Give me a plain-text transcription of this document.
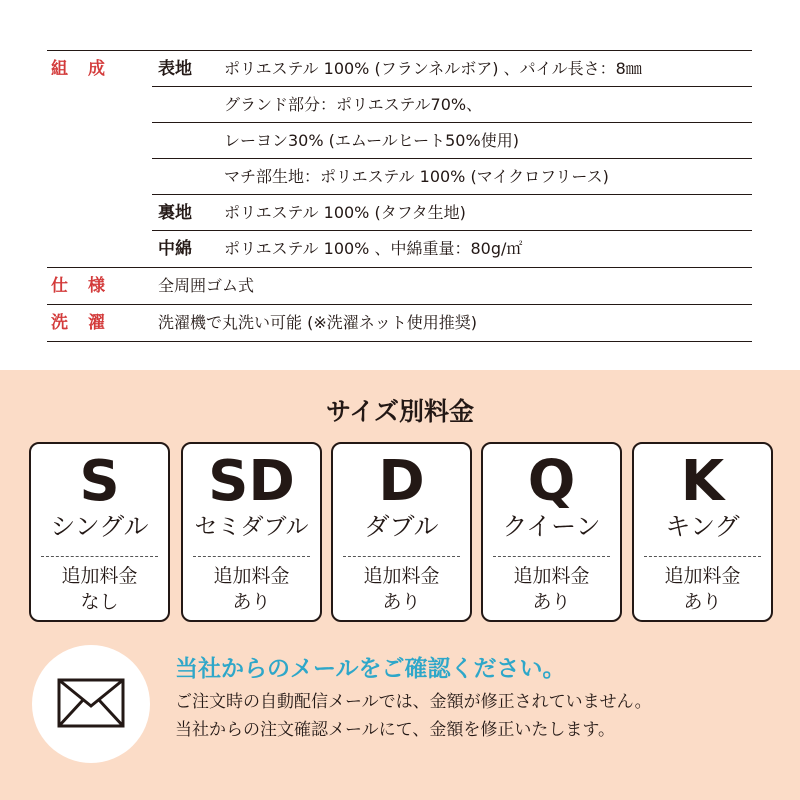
組成 表地 ポリエステル 100% (フランネルボア) 、パイル長さ：8㎜
グランド部分：ポリエステル70%、
レーヨン30% (エムールヒート50%使用)
マチ部生地：ポリエステル 100% (マイクロフリース)
裏地 ポリエステル 100% (タフタ生地)
中綿 ポリエステル 100% 、中綿重量：80g/㎡
仕様 全周囲ゴム式
洗濯 洗濯機で丸洗い可能 (※洗濯ネット使用推奨)
サイズ別料金
S
シングル
追加料金
なし
SD
セミダブル
追加料金
あり
D
ダブル
追加料金
あり
Q
クイーン
追加料金
あり
K
キング
追加料金
あり
当社からのメールをご確認ください。
ご注文時の自動配信メールでは、金額が修正されていません。
当社からの注文確認メールにて、金額を修正いたします。
